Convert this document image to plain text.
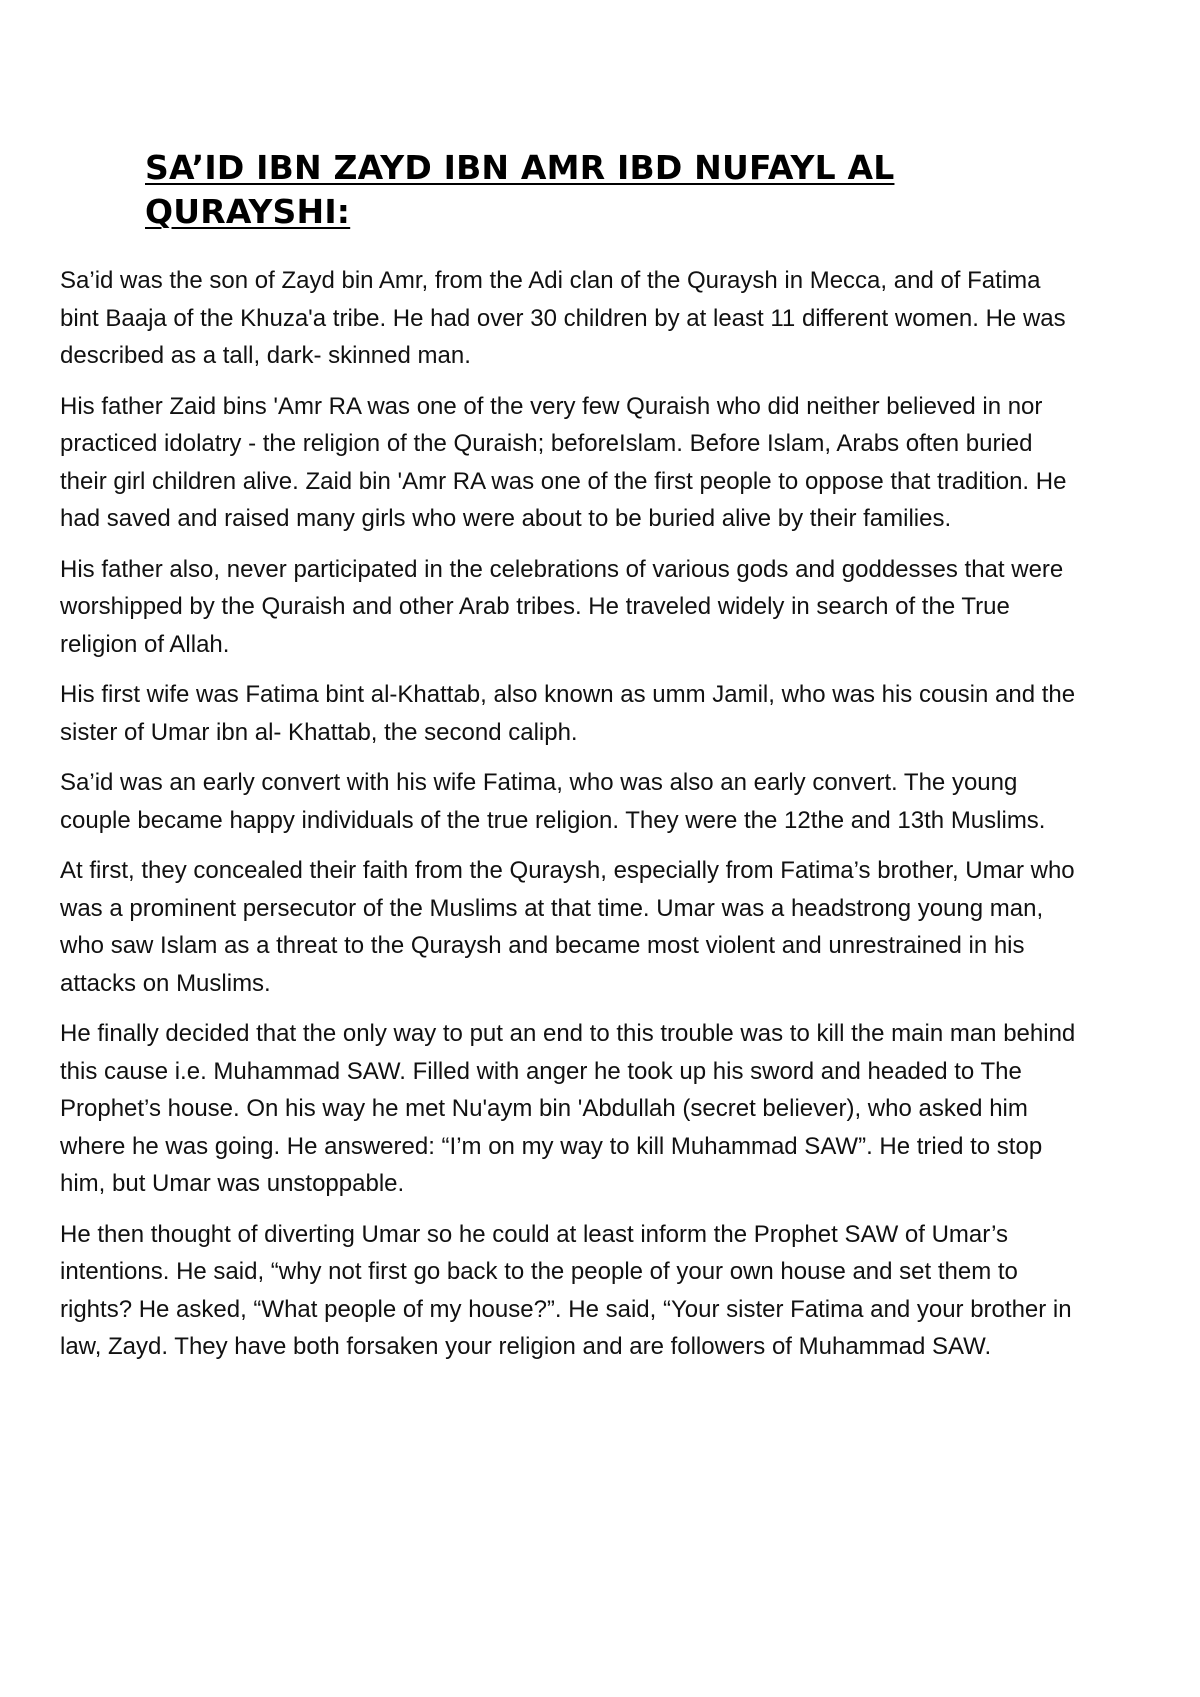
SA’ID IBN ZAYD IBN AMR IBD NUFAYL AL QURAYSHI:

Sa’id was the son of Zayd bin Amr, from the Adi clan of the Quraysh in Mecca, and of Fatima bint Baaja of the Khuza'a tribe. He had over 30 children by at least 11 different women. He was described as a tall, dark- skinned man.

His father Zaid bins 'Amr RA was one of the very few Quraish who did neither believed in nor practiced idolatry - the religion of the Quraish; beforeIslam. Before Islam, Arabs often buried their girl children alive. Zaid bin 'Amr RA was one of the first people to oppose that tradition. He had saved and raised many girls who were about to be buried alive by their families.

His father also, never participated in the celebrations of various gods and goddesses that were worshipped by the Quraish and other Arab tribes. He traveled widely in search of the True religion of Allah.

His first wife was Fatima bint al-Khattab, also known as umm Jamil, who was his cousin and the sister of Umar ibn al- Khattab, the second caliph.

Sa’id was an early convert with his wife Fatima, who was also an early convert. The young couple became happy individuals of the true religion. They were the 12the and 13th Muslims.

At first, they concealed their faith from the Quraysh, especially from Fatima’s brother, Umar who was a prominent persecutor of the Muslims at that time. Umar was a headstrong young man, who saw Islam as a threat to the Quraysh and became most violent and unrestrained in his attacks on Muslims.

He finally decided that the only way to put an end to this trouble was to kill the main man behind this cause i.e. Muhammad SAW. Filled with anger he took up his sword and headed to The Prophet’s house. On his way he met Nu'aym bin 'Abdullah (secret believer), who asked him where he was going. He answered: “I’m on my way to kill Muhammad SAW”. He tried to stop him, but Umar was unstoppable.

He then thought of diverting Umar so he could at least inform the Prophet SAW of Umar’s intentions. He said, “why not first go back to the people of your own house and set them to rights? He asked, “What people of my house?”. He said, “Your sister Fatima and your brother in law, Zayd. They have both forsaken your religion and are followers of Muhammad SAW.
